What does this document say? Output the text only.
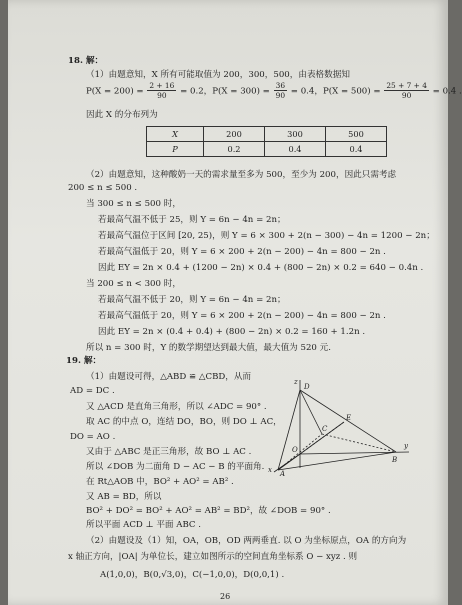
18. 解：
（1）由题意知，X 所有可能取值为 200，300，500，由表格数据知
$P(X = 200) = \frac{2 + 16}{90} = 0.2$，$P(X = 300) = \frac{36}{90} = 0.4$，$P(X = 500) = \frac{25 + 7 + 4}{90} = 0.4$ .
因此 X 的分布列为
X	200	300	500
P	0.2	0.4	0.4
（2）由题意知，这种酸奶一天的需求量至多为 500，至少为 200，因此只需考虑
200 ≤ n ≤ 500 .
当 300 ≤ n ≤ 500 时，
若最高气温不低于 25，则 Y = 6n − 4n = 2n；
若最高气温位于区间 [20, 25)，则 Y = 6 × 300 + 2(n − 300) − 4n = 1200 − 2n；
若最高气温低于 20，则 Y = 6 × 200 + 2(n − 200) − 4n = 800 − 2n .
因此 EY = 2n × 0.4 + (1200 − 2n) × 0.4 + (800 − 2n) × 0.2 = 640 − 0.4n .
当 200 ≤ n < 300 时，
若最高气温不低于 20，则 Y = 6n − 4n = 2n；
若最高气温低于 20，则 Y = 6 × 200 + 2(n − 200) − 4n = 800 − 2n .
因此 EY = 2n × (0.4 + 0.4) + (800 − 2n) × 0.2 = 160 + 1.2n .
所以 n = 300 时，Y 的数学期望达到最大值，最大值为 520 元.
19. 解：
（1）由题设可得，△ABD ≌ △CBD，从而
AD = DC .
又 △ACD 是直角三角形，所以 ∠ADC = 90° .
取 AC 的中点 O，连结 DO，BO，则 DO ⊥ AC，
DO = AO .
又由于 △ABC 是正三角形，故 BO ⊥ AC .
所以 ∠DOB 为二面角 D − AC − B 的平面角.
在 Rt△AOB 中，BO² + AO² = AB² .
又 AB = BD，所以
BO² + DO² = BO² + AO² = AB² = BD²，故 ∠DOB = 90° .
所以平面 ACD ⊥ 平面 ABC .
（2）由题设及（1）知，OA，OB，OD 两两垂直. 以 O 为坐标原点，OA 的方向为
x 轴正方向，|OA| 为单位长，建立如图所示的空间直角坐标系 O − xyz . 则
A(1,0,0)，B(0,√3,0)，C(−1,0,0)，D(0,0,1) .
z
D
E
C
O
B
y
A
x
26
